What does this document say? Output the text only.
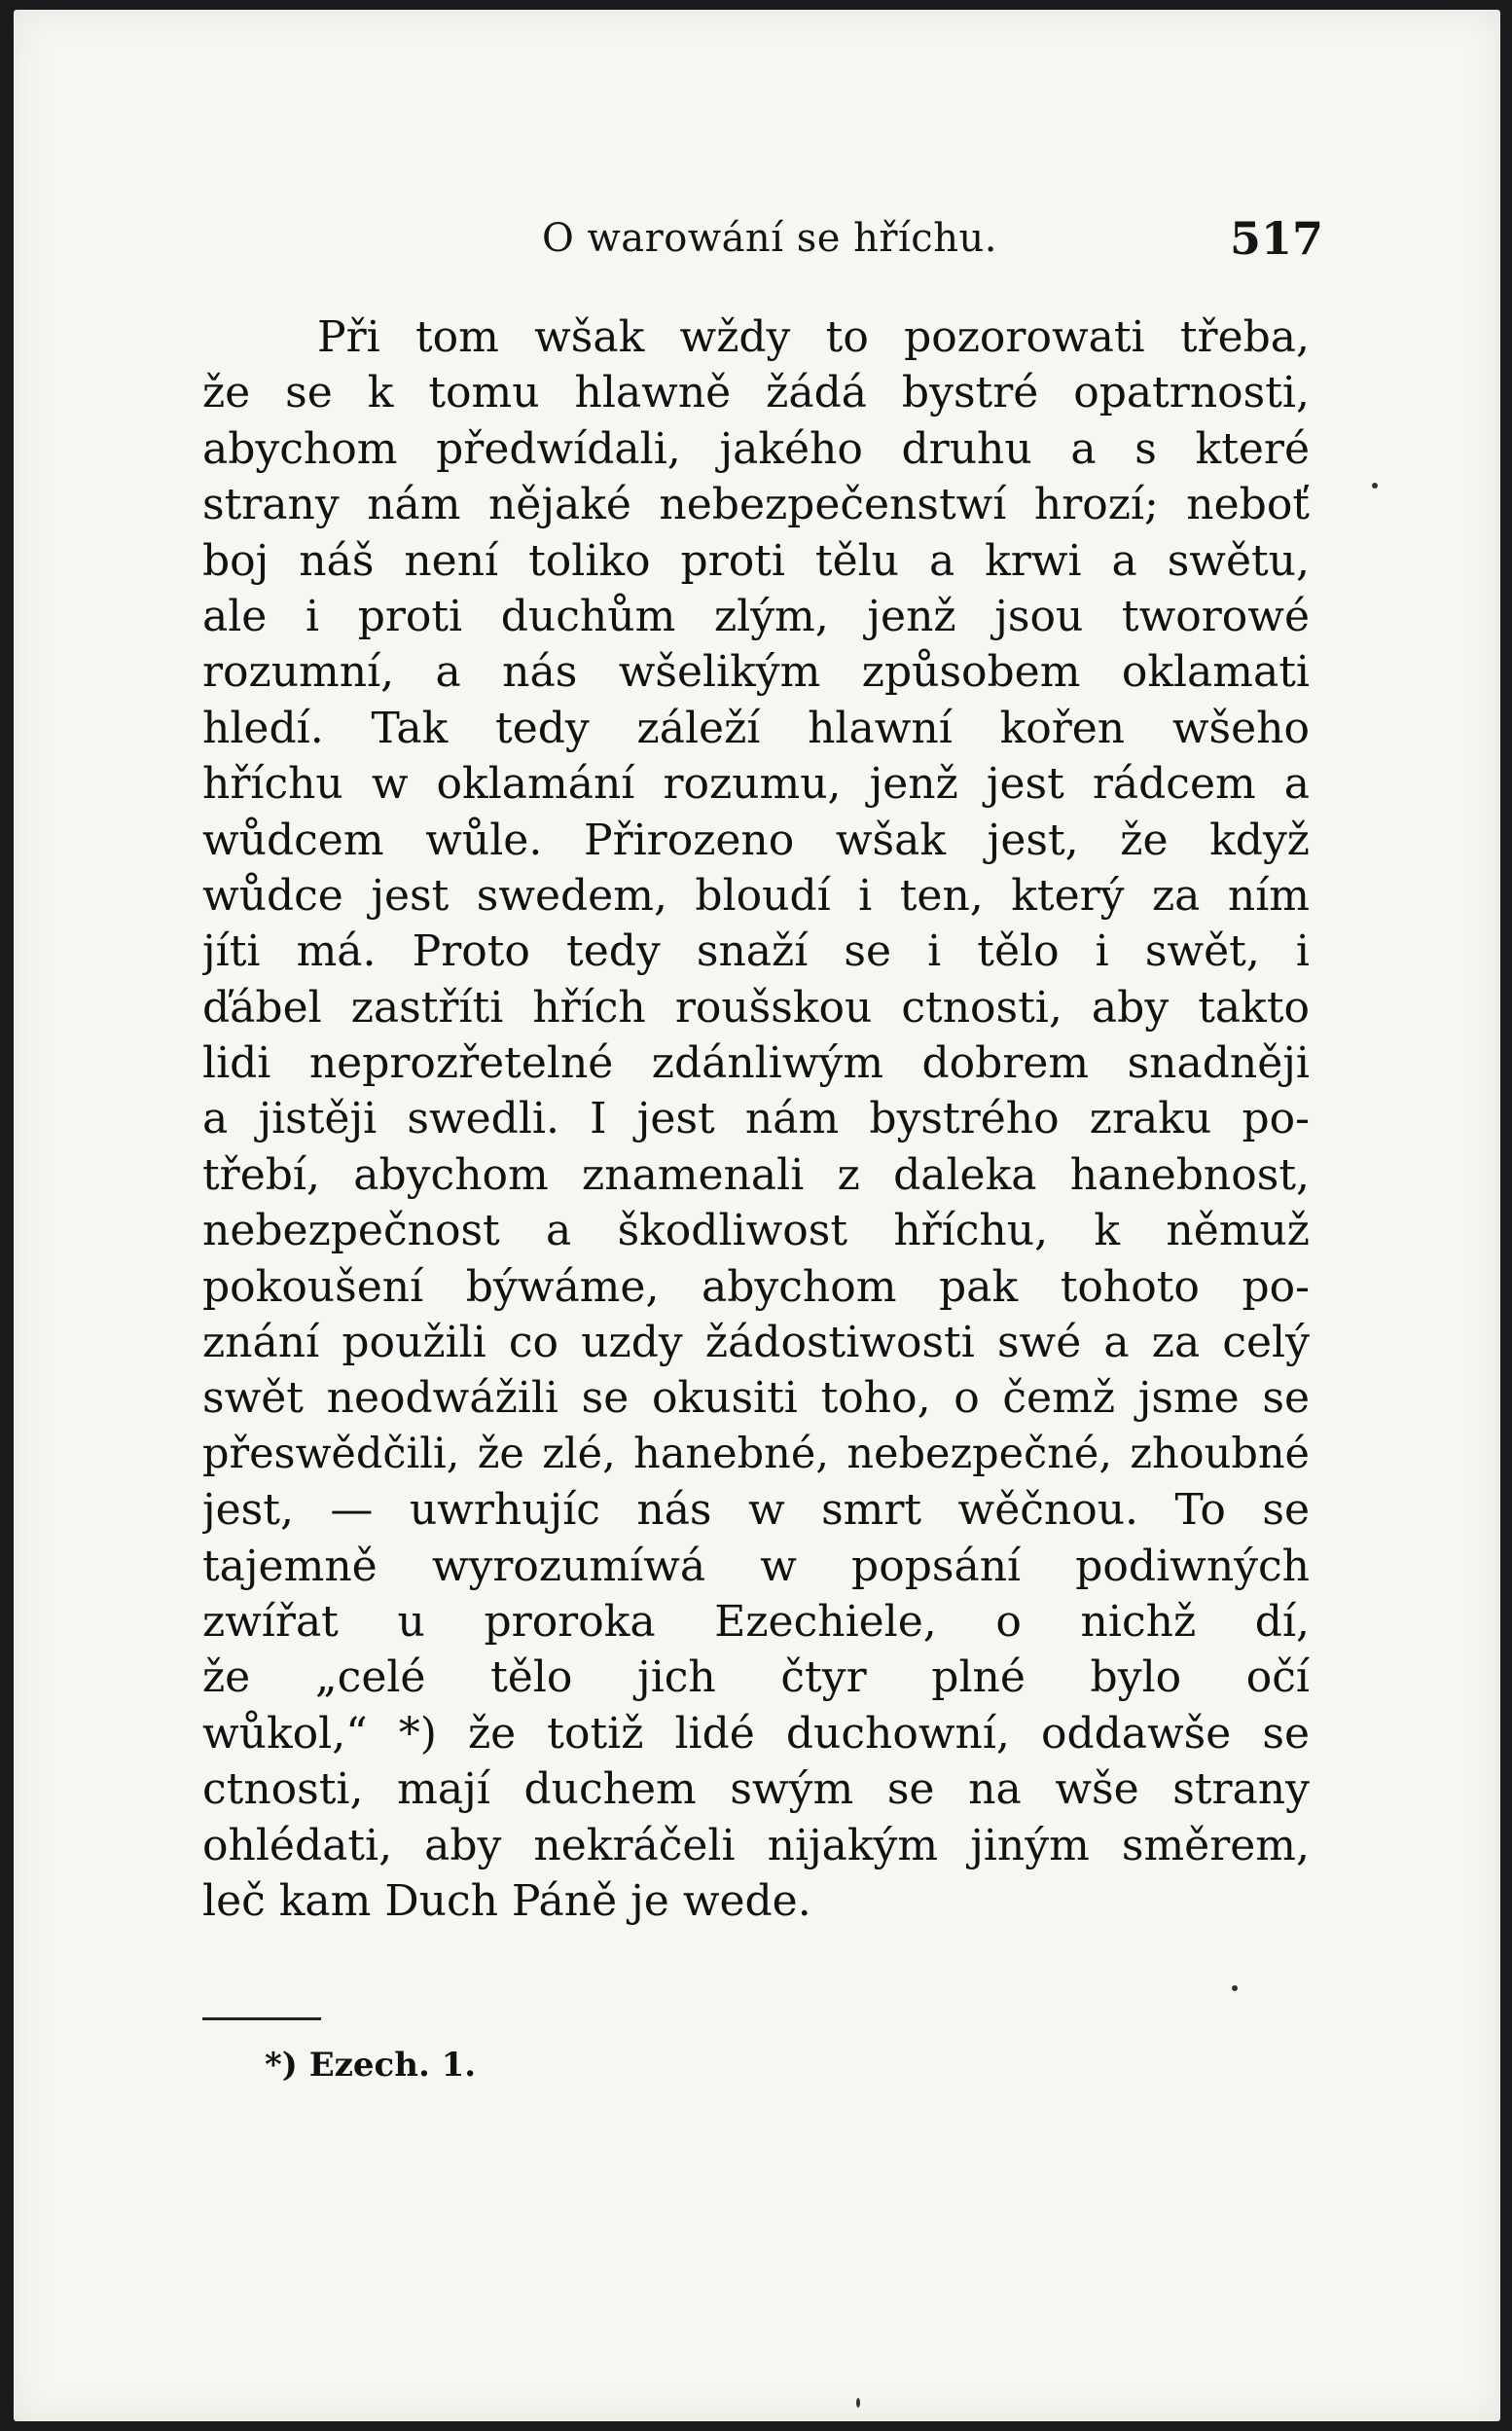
O warowání se hříchu.	517
Při tom wšak wždy to pozorowati třeba,
že se k tomu hlawně žádá bystré opatrnosti,
abychom předwídali, jakého druhu a s které
strany nám nějaké nebezpečenstwí hrozí; neboť
boj náš není toliko proti tělu a krwi a swětu,
ale i proti duchům zlým, jenž jsou tworowé
rozumní, a nás wšelikým způsobem oklamati
hledí. Tak tedy záleží hlawní kořen wšeho
hříchu w oklamání rozumu, jenž jest rádcem a
wůdcem wůle. Přirozeno wšak jest, že když
wůdce jest swedem, bloudí i ten, který za ním
jíti má. Proto tedy snaží se i tělo i swět, i
ďábel zastříti hřích roušskou ctnosti, aby takto
lidi neprozřetelné zdánliwým dobrem snadněji
a jistěji swedli. I jest nám bystrého zraku po-
třebí, abychom znamenali z daleka hanebnost,
nebezpečnost a škodliwost hříchu, k němuž
pokoušení býwáme, abychom pak tohoto po-
znání použili co uzdy žádostiwosti swé a za celý
swět neodwážili se okusiti toho, o čemž jsme se
přeswědčili, že zlé, hanebné, nebezpečné, zhoubné
jest, — uwrhujíc nás w smrt wěčnou. To se
tajemně wyrozumíwá w popsání podiwných
zwířat u proroka Ezechiele, o nichž dí,
že „celé tělo jich čtyr plné bylo očí
wůkol,“ *) že totiž lidé duchowní, oddawše se
ctnosti, mají duchem swým se na wše strany
ohlédati, aby nekráčeli nijakým jiným směrem,
leč kam Duch Páně je wede.
*) Ezech. 1.
